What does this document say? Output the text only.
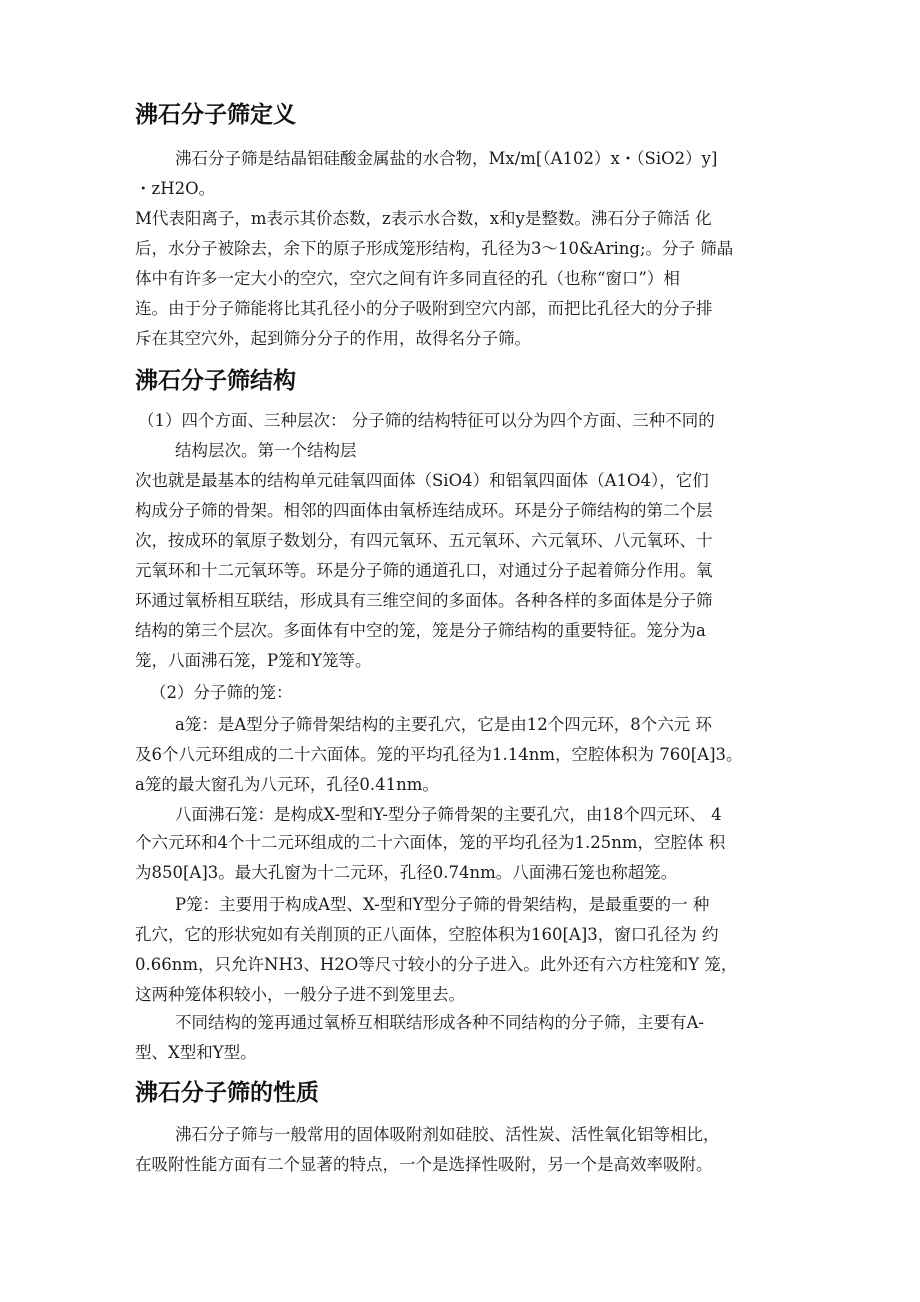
沸石分子筛定义
沸石分子筛是结晶铝硅酸金属盐的水合物，Mx/m[（A102）x・（SiO2）y]
・zH2O。
M代表阳离子，m表示其价态数，z表示水合数，x和y是整数。沸石分子筛活 化
后，水分子被除去，余下的原子形成笼形结构，孔径为3～10&Aring;。分子 筛晶
体中有许多一定大小的空穴，空穴之间有许多同直径的孔（也称“窗口”）相
连。由于分子筛能将比其孔径小的分子吸附到空穴内部，而把比孔径大的分子排
斥在其空穴外，起到筛分分子的作用，故得名分子筛。
沸石分子筛结构
（1）四个方面、三种层次： 分子筛的结构特征可以分为四个方面、三种不同的
结构层次。第一个结构层
次也就是最基本的结构单元硅氧四面体（SiO4）和铝氧四面体（A1O4），它们
构成分子筛的骨架。相邻的四面体由氧桥连结成环。环是分子筛结构的第二个层
次，按成环的氧原子数划分，有四元氧环、五元氧环、六元氧环、八元氧环、十
元氧环和十二元氧环等。环是分子筛的通道孔口，对通过分子起着筛分作用。氧
环通过氧桥相互联结，形成具有三维空间的多面体。各种各样的多面体是分子筛
结构的第三个层次。多面体有中空的笼，笼是分子筛结构的重要特征。笼分为a
笼，八面沸石笼，P笼和Y笼等。
（2）分子筛的笼：
a笼：是A型分子筛骨架结构的主要孔穴，它是由12个四元环，8个六元 环
及6个八元环组成的二十六面体。笼的平均孔径为1.14nm，空腔体积为 760[A]3。
a笼的最大窗孔为八元环，孔径0.41nm。
八面沸石笼：是构成X-型和Y-型分子筛骨架的主要孔穴，由18个四元环、 4
个六元环和4个十二元环组成的二十六面体，笼的平均孔径为1.25nm，空腔体 积
为850[A]3。最大孔窗为十二元环，孔径0.74nm。八面沸石笼也称超笼。
P笼：主要用于构成A型、X-型和Y型分子筛的骨架结构，是最重要的一 种
孔穴，它的形状宛如有关削顶的正八面体，空腔体积为160[A]3，窗口孔径为 约
0.66nm，只允许NH3、H2O等尺寸较小的分子进入。此外还有六方柱笼和Y 笼，
这两种笼体积较小，一般分子进不到笼里去。
不同结构的笼再通过氧桥互相联结形成各种不同结构的分子筛，主要有A-
型、X型和Y型。
沸石分子筛的性质
沸石分子筛与一般常用的固体吸附剂如硅胶、活性炭、活性氧化铝等相比，
在吸附性能方面有二个显著的特点，一个是选择性吸附，另一个是高效率吸附。
